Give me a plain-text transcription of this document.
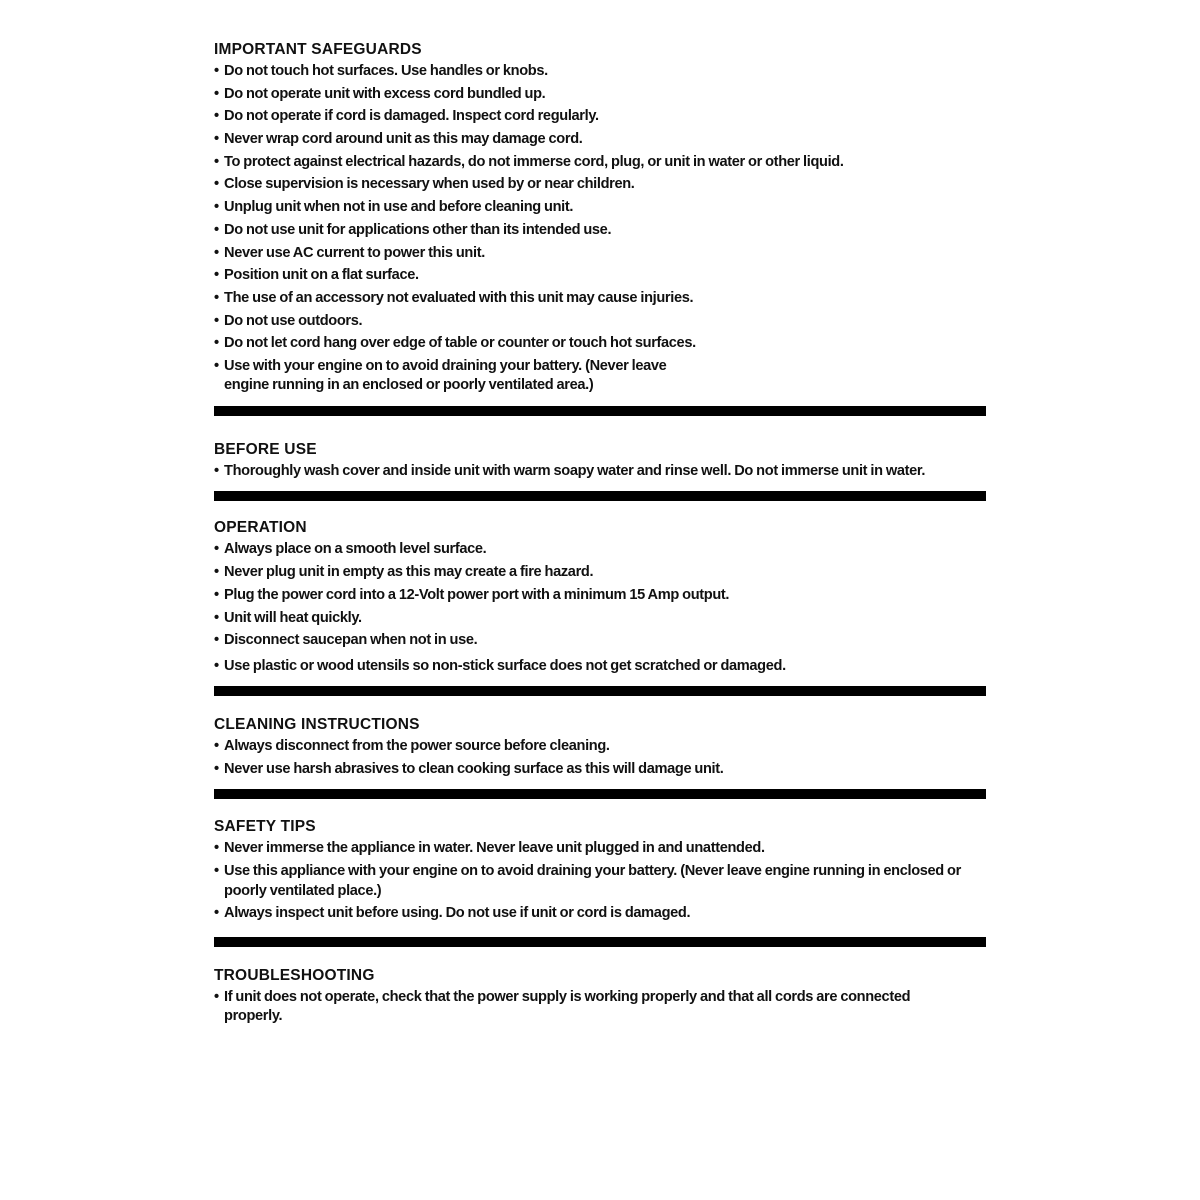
IMPORTANT SAFEGUARDS
• Do not touch hot surfaces. Use handles or knobs.
• Do not operate unit with excess cord bundled up.
• Do not operate if cord is damaged. Inspect cord regularly.
• Never wrap cord around unit as this may damage cord.
• To protect against electrical hazards, do not immerse cord, plug, or unit in water or other liquid.
• Close supervision is necessary when used by or near children.
• Unplug unit when not in use and before cleaning unit.
• Do not use unit for applications other than its intended use.
• Never use AC current to power this unit.
• Position unit on a flat surface.
• The use of an accessory not evaluated with this unit may cause injuries.
• Do not use outdoors.
• Do not let cord hang over edge of table or counter or touch hot surfaces.
• Use with your engine on to avoid draining your battery. (Never leave engine running in an enclosed or poorly ventilated area.)
BEFORE USE
• Thoroughly wash cover and inside unit with warm soapy water and rinse well. Do not immerse unit in water.
OPERATION
• Always place on a smooth level surface.
• Never plug unit in empty as this may create a fire hazard.
• Plug the power cord into a 12-Volt power port with a minimum 15 Amp output.
• Unit will heat quickly.
• Disconnect saucepan when not in use.
• Use plastic or wood utensils so non-stick surface does not get scratched or damaged.
CLEANING INSTRUCTIONS
• Always disconnect from the power source before cleaning.
• Never use harsh abrasives to clean cooking surface as this will damage unit.
SAFETY TIPS
• Never immerse the appliance in water. Never leave unit plugged in and unattended.
• Use this appliance with your engine on to avoid draining your battery. (Never leave engine running in enclosed or poorly ventilated place.)
• Always inspect unit before using. Do not use if unit or cord is damaged.
TROUBLESHOOTING
• If unit does not operate, check that the power supply is working properly and that all cords are connected properly.
